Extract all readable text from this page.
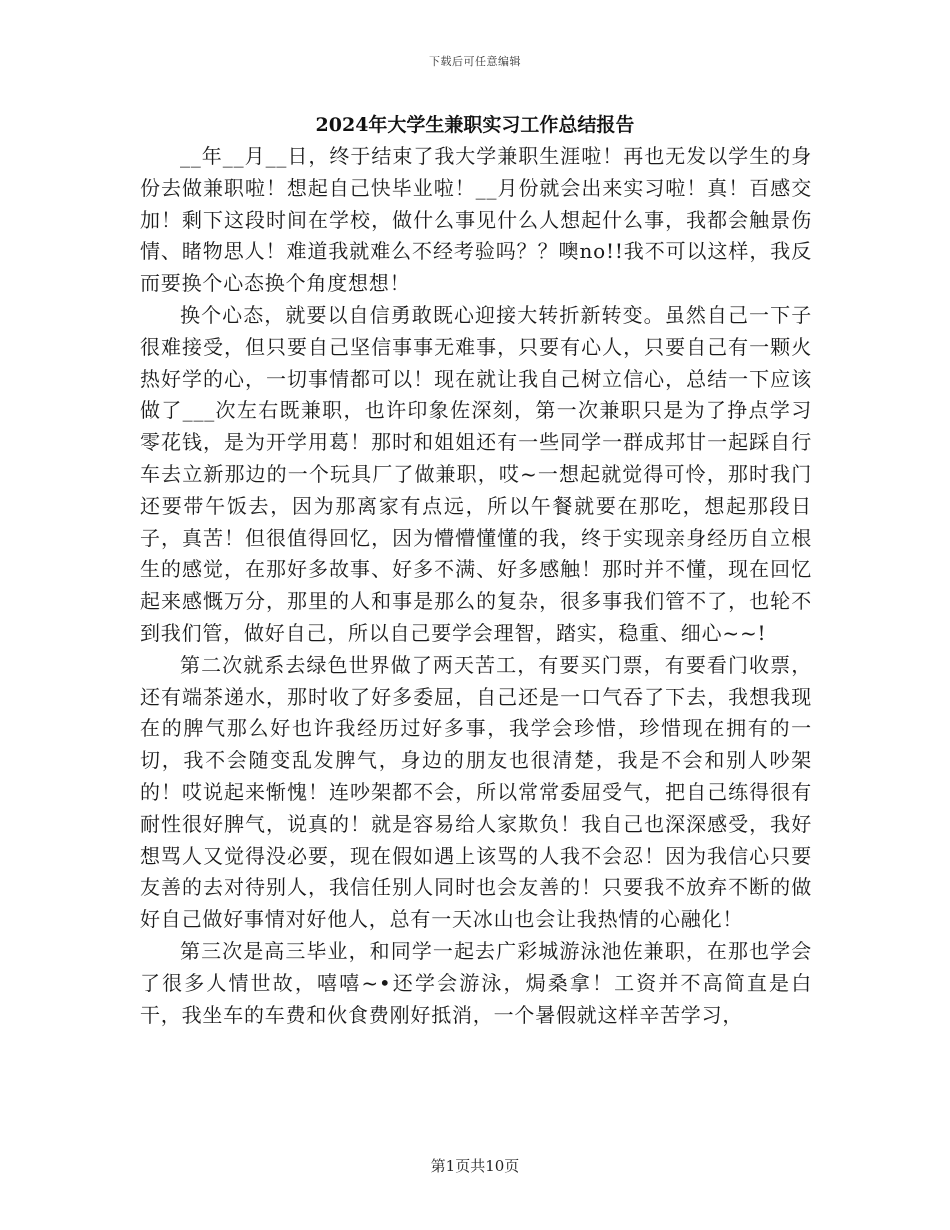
下载后可任意编辑
2024年大学生兼职实习工作总结报告

__年__月__日，终于结束了我大学兼职生涯啦！再也无发以学生的身份去做兼职啦！想起自己快毕业啦！__月份就会出来实习啦！真！百感交加！剩下这段时间在学校，做什么事见什么人想起什么事，我都会触景伤情、睹物思人！难道我就难么不经考验吗？？噢no!!我不可以这样，我反而要换个心态换个角度想想！

换个心态，就要以自信勇敢既心迎接大转折新转变。虽然自己一下子很难接受，但只要自己坚信事事无难事，只要有心人，只要自己有一颗火热好学的心，一切事情都可以！现在就让我自己树立信心，总结一下应该做了___次左右既兼职，也许印象佐深刻，第一次兼职只是为了挣点学习零花钱，是为开学用葛！那时和姐姐还有一些同学一群成邦甘一起踩自行车去立新那边的一个玩具厂了做兼职，哎~一想起就觉得可怜，那时我门还要带午饭去，因为那离家有点远，所以午餐就要在那吃，想起那段日子，真苦！但很值得回忆，因为懵懵懂懂的我，终于实现亲身经历自立根生的感觉，在那好多故事、好多不满、好多感触！那时并不懂，现在回忆起来感慨万分，那里的人和事是那么的复杂，很多事我们管不了，也轮不到我们管，做好自己，所以自己要学会理智，踏实，稳重、细心~~!

第二次就系去绿色世界做了两天苦工，有要买门票，有要看门收票，还有端茶递水，那时收了好多委屈，自己还是一口气吞了下去，我想我现在的脾气那么好也许我经历过好多事，我学会珍惜，珍惜现在拥有的一切，我不会随变乱发脾气，身边的朋友也很清楚，我是不会和别人吵架的！哎说起来惭愧！连吵架都不会，所以常常委屈受气，把自己练得很有耐性很好脾气，说真的！就是容易给人家欺负！我自己也深深感受，我好想骂人又觉得没必要，现在假如遇上该骂的人我不会忍！因为我信心只要友善的去对待别人，我信任别人同时也会友善的！只要我不放弃不断的做好自己做好事情对好他人，总有一天冰山也会让我热情的心融化！

第三次是高三毕业，和同学一起去广彩城游泳池佐兼职，在那也学会了很多人情世故，嘻嘻~•还学会游泳，焗桑拿！工资并不高简直是白干，我坐车的车费和伙食费刚好抵消，一个暑假就这样辛苦学习，

第1页共10页
